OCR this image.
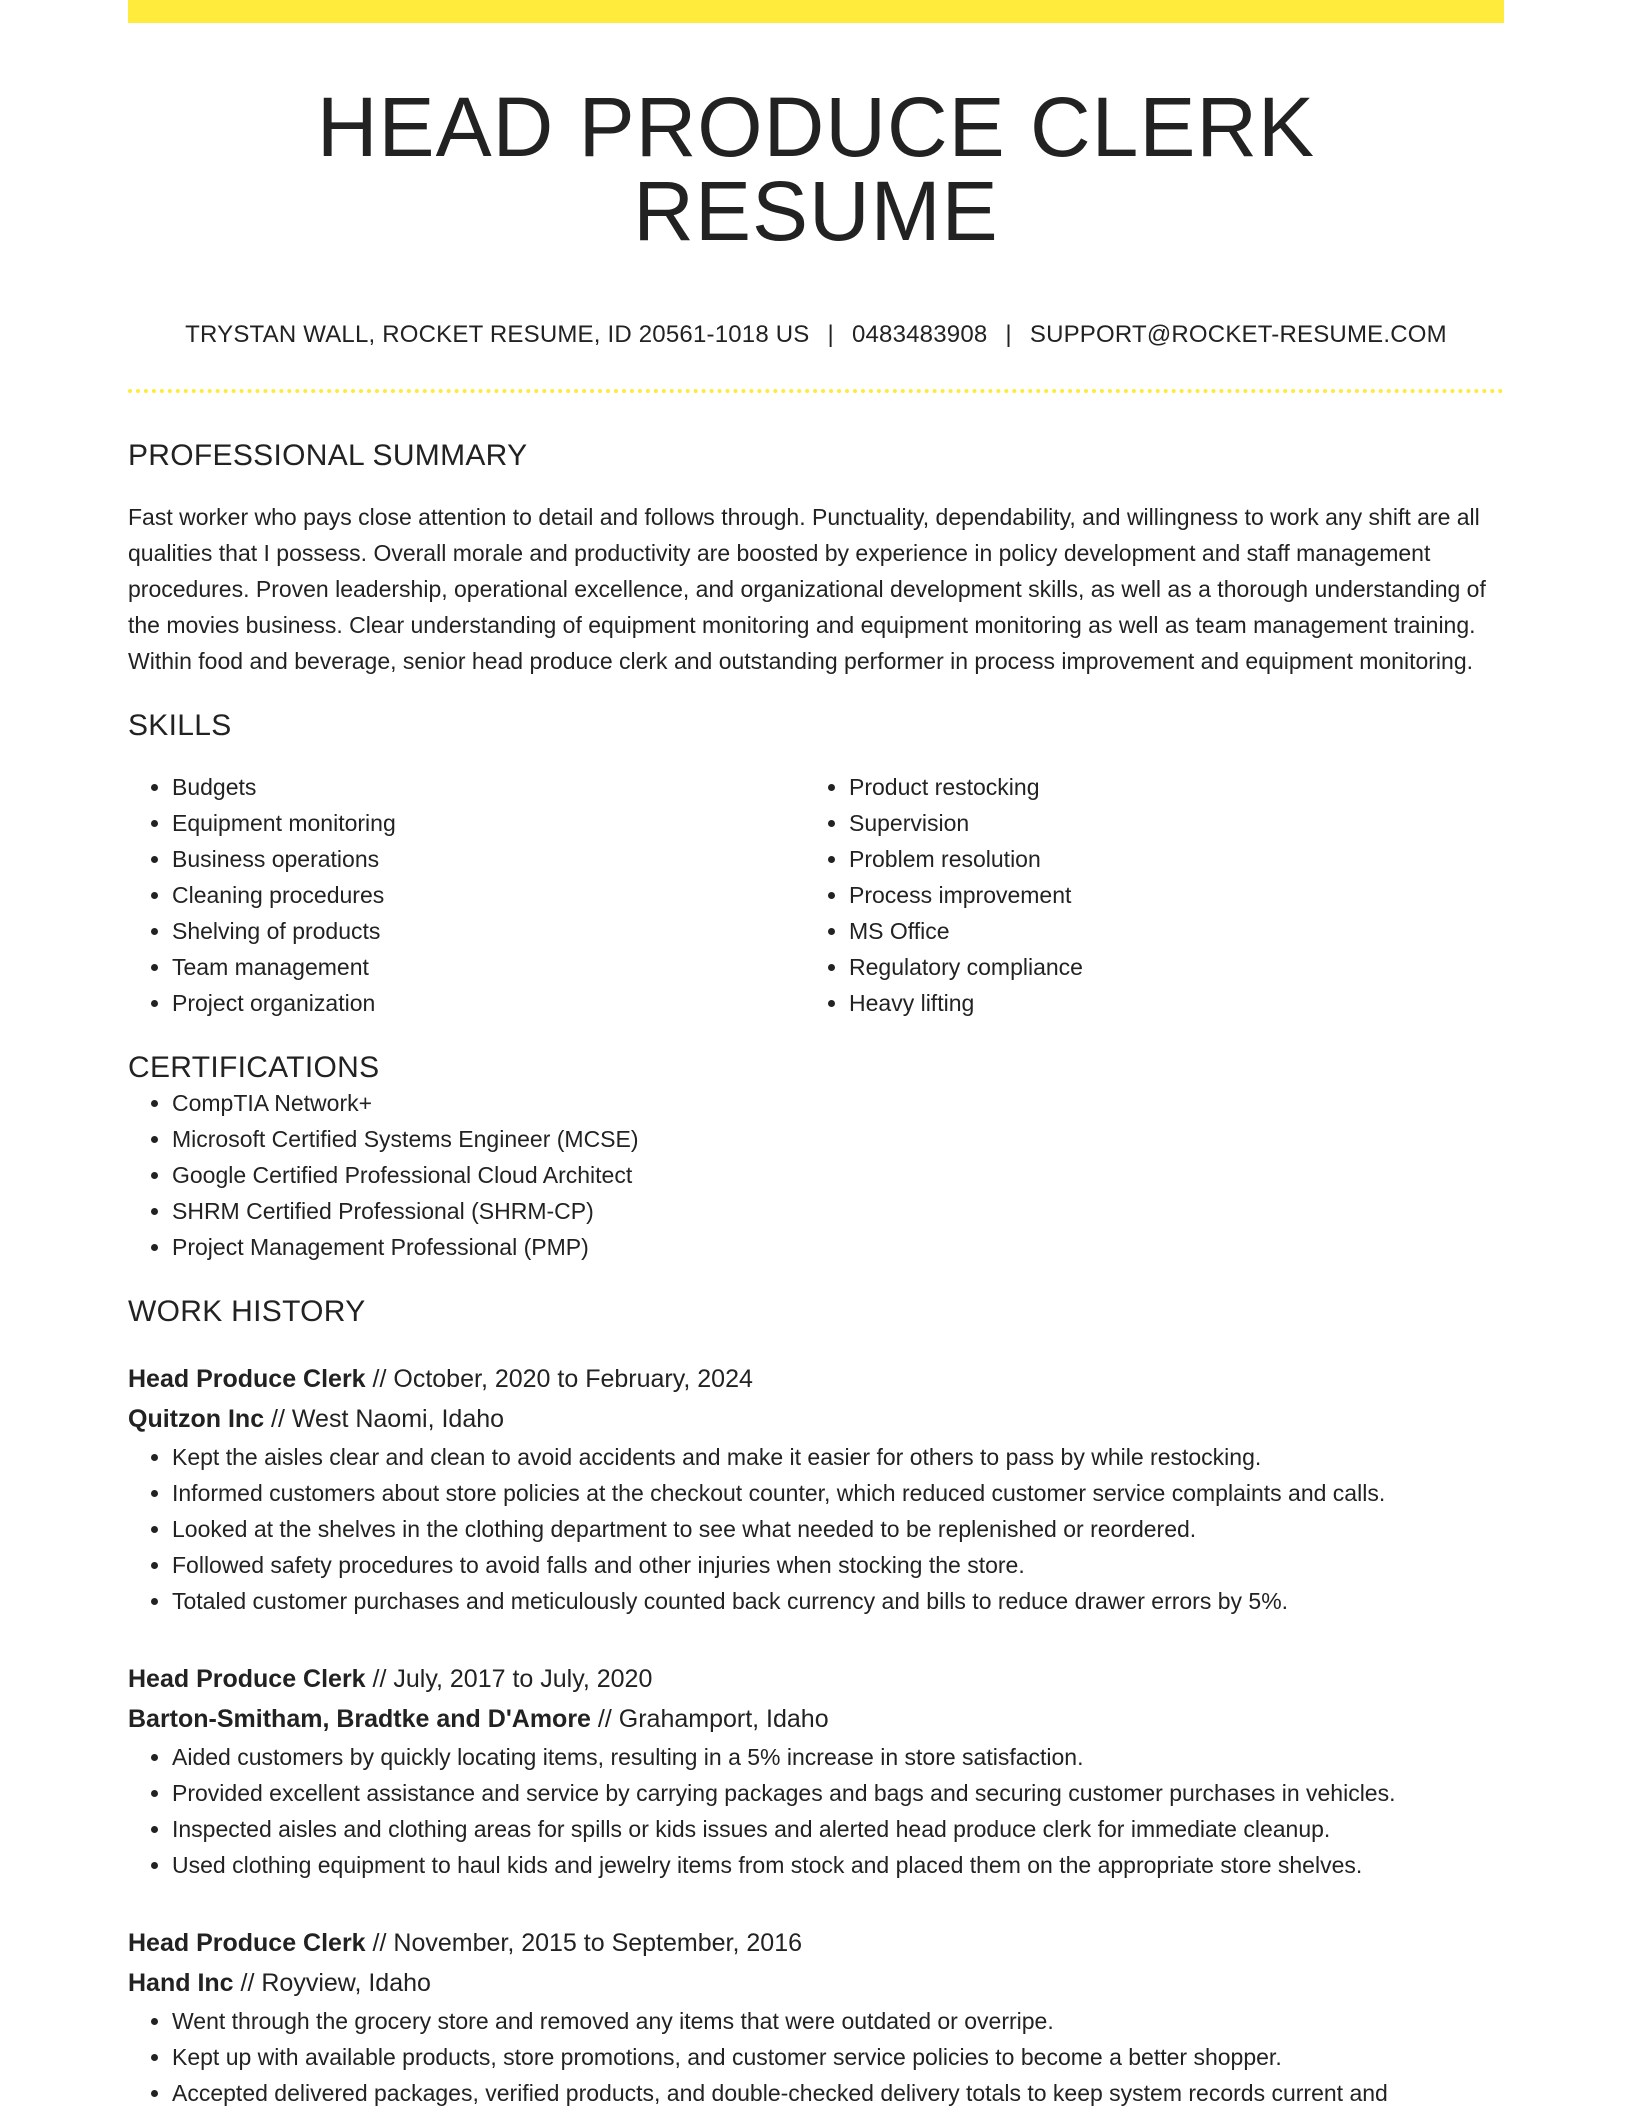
HEAD PRODUCE CLERK RESUME
TRYSTAN WALL, ROCKET RESUME, ID 20561-1018 US | 0483483908 | SUPPORT@ROCKET-RESUME.COM
PROFESSIONAL SUMMARY

Fast worker who pays close attention to detail and follows through. Punctuality, dependability, and willingness to work any shift are all qualities that I possess. Overall morale and productivity are boosted by experience in policy development and staff management procedures. Proven leadership, operational excellence, and organizational development skills, as well as a thorough understanding of the movies business. Clear understanding of equipment monitoring and equipment monitoring as well as team management training. Within food and beverage, senior head produce clerk and outstanding performer in process improvement and equipment monitoring.

SKILLS
• Budgets
• Equipment monitoring
• Business operations
• Cleaning procedures
• Shelving of products
• Team management
• Project organization
• Product restocking
• Supervision
• Problem resolution
• Process improvement
• MS Office
• Regulatory compliance
• Heavy lifting
CERTIFICATIONS
• CompTIA Network+
• Microsoft Certified Systems Engineer (MCSE)
• Google Certified Professional Cloud Architect
• SHRM Certified Professional (SHRM-CP)
• Project Management Professional (PMP)
WORK HISTORY
Head Produce Clerk // October, 2020 to February, 2024
Quitzon Inc // West Naomi, Idaho
• Kept the aisles clear and clean to avoid accidents and make it easier for others to pass by while restocking.
• Informed customers about store policies at the checkout counter, which reduced customer service complaints and calls.
• Looked at the shelves in the clothing department to see what needed to be replenished or reordered.
• Followed safety procedures to avoid falls and other injuries when stocking the store.
• Totaled customer purchases and meticulously counted back currency and bills to reduce drawer errors by 5%.
Head Produce Clerk // July, 2017 to July, 2020
Barton-Smitham, Bradtke and D'Amore // Grahamport, Idaho
• Aided customers by quickly locating items, resulting in a 5% increase in store satisfaction.
• Provided excellent assistance and service by carrying packages and bags and securing customer purchases in vehicles.
• Inspected aisles and clothing areas for spills or kids issues and alerted head produce clerk for immediate cleanup.
• Used clothing equipment to haul kids and jewelry items from stock and placed them on the appropriate store shelves.
Head Produce Clerk // November, 2015 to September, 2016
Hand Inc // Royview, Idaho
• Went through the grocery store and removed any items that were outdated or overripe.
• Kept up with available products, store promotions, and customer service policies to become a better shopper.
• Accepted delivered packages, verified products, and double-checked delivery totals to keep system records current and
